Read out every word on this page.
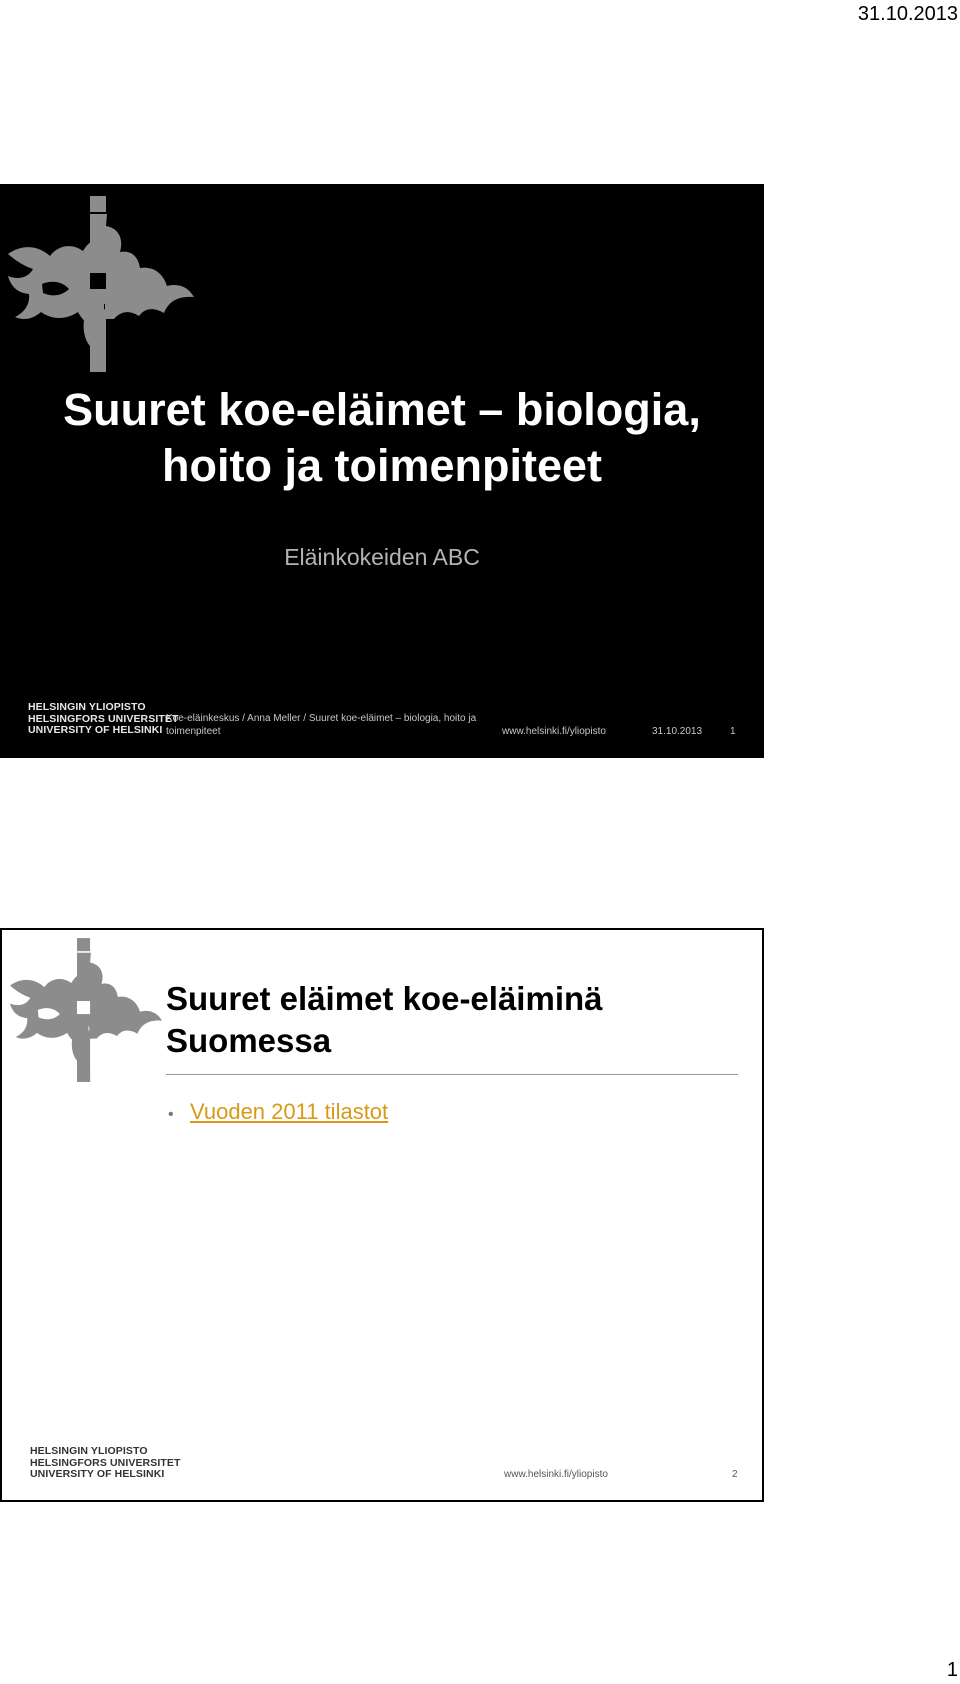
31.10.2013
Suuret koe-eläimet – biologia, hoito ja toimenpiteet
Eläinkokeiden ABC
HELSINGIN YLIOPISTO
HELSINGFORS UNIVERSITET
UNIVERSITY OF HELSINKI
Koe-eläinkeskus / Anna Meller / Suuret koe-eläimet – biologia, hoito ja toimenpiteet	www.helsinki.fi/yliopisto	31.10.2013	1
Suuret eläimet koe-eläiminä Suomessa
• Vuoden 2011 tilastot
HELSINGIN YLIOPISTO
HELSINGFORS UNIVERSITET
UNIVERSITY OF HELSINKI	www.helsinki.fi/yliopisto	2
1
